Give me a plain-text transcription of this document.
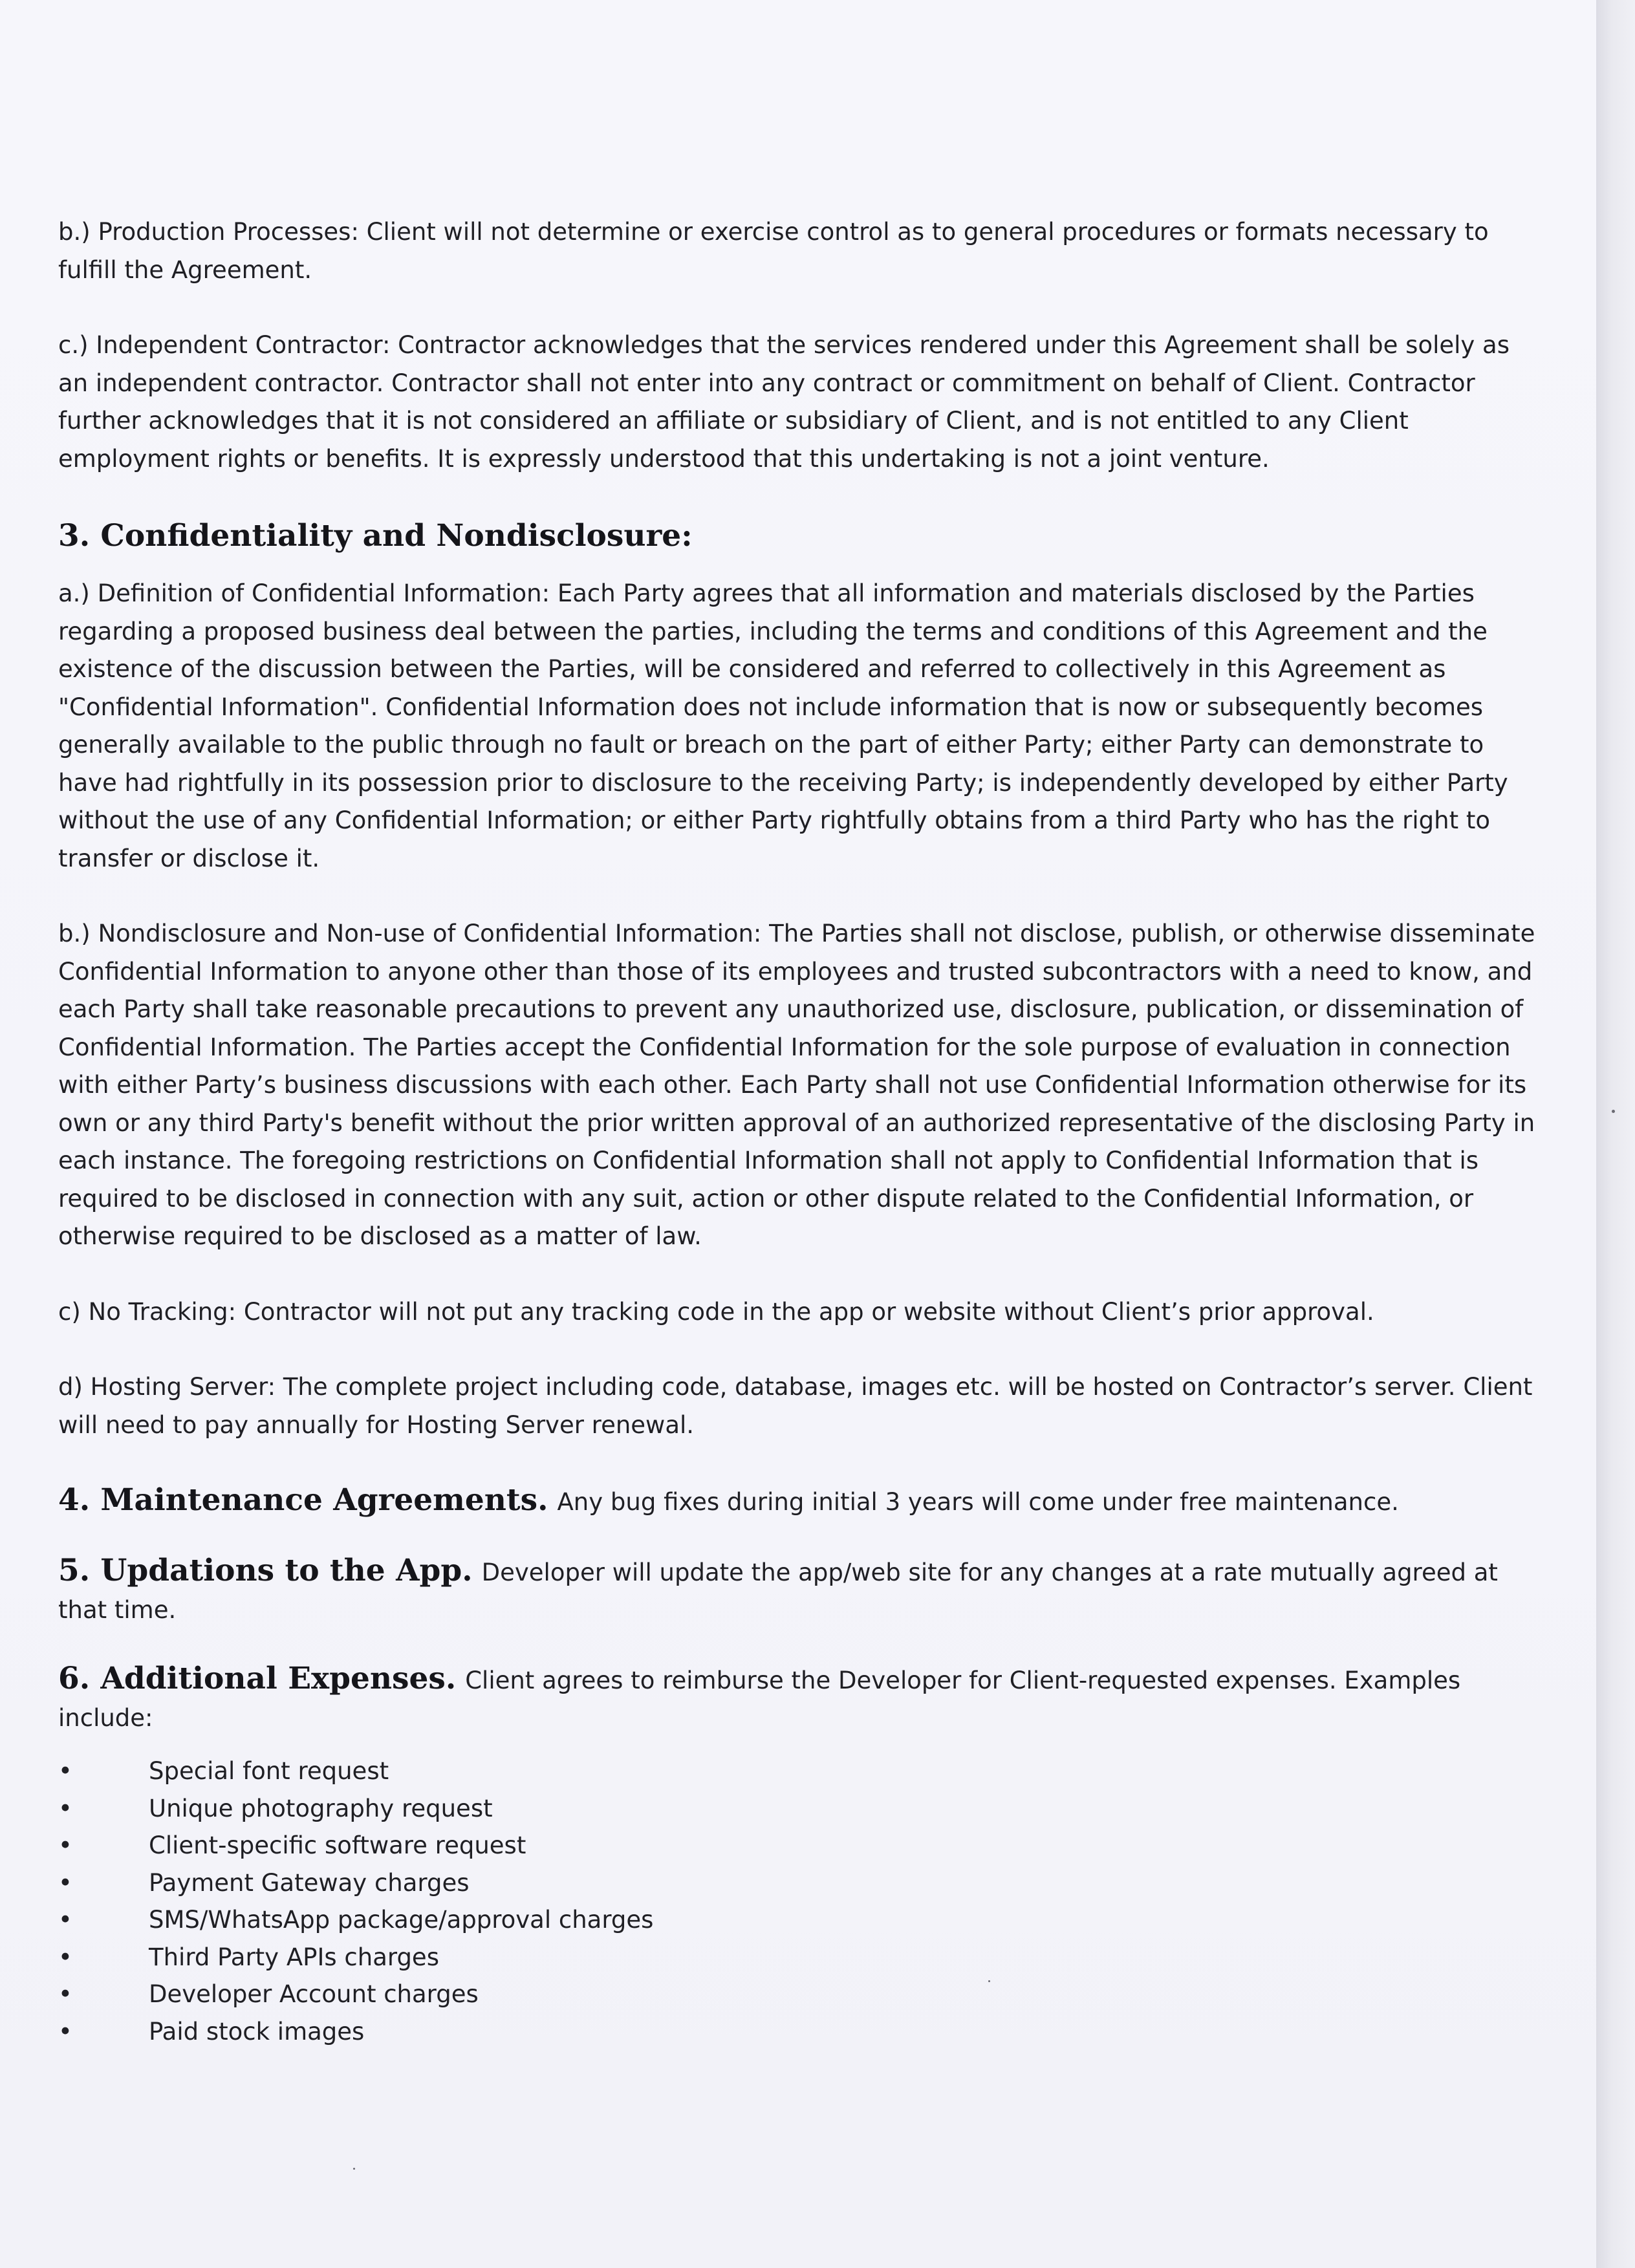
b.) Production Processes: Client will not determine or exercise control as to general procedures or formats necessary to fulfill the Agreement.

c.) Independent Contractor: Contractor acknowledges that the services rendered under this Agreement shall be solely as an independent contractor. Contractor shall not enter into any contract or commitment on behalf of Client. Contractor further acknowledges that it is not considered an affiliate or subsidiary of Client, and is not entitled to any Client employment rights or benefits. It is expressly understood that this undertaking is not a joint venture.

3. Confidentiality and Nondisclosure:

a.) Definition of Confidential Information: Each Party agrees that all information and materials disclosed by the Parties regarding a proposed business deal between the parties, including the terms and conditions of this Agreement and the existence of the discussion between the Parties, will be considered and referred to collectively in this Agreement as "Confidential Information". Confidential Information does not include information that is now or subsequently becomes generally available to the public through no fault or breach on the part of either Party; either Party can demonstrate to have had rightfully in its possession prior to disclosure to the receiving Party; is independently developed by either Party without the use of any Confidential Information; or either Party rightfully obtains from a third Party who has the right to transfer or disclose it.

b.) Nondisclosure and Non-use of Confidential Information: The Parties shall not disclose, publish, or otherwise disseminate Confidential Information to anyone other than those of its employees and trusted subcontractors with a need to know, and each Party shall take reasonable precautions to prevent any unauthorized use, disclosure, publication, or dissemination of Confidential Information. The Parties accept the Confidential Information for the sole purpose of evaluation in connection with either Party’s business discussions with each other. Each Party shall not use Confidential Information otherwise for its own or any third Party's benefit without the prior written approval of an authorized representative of the disclosing Party in each instance. The foregoing restrictions on Confidential Information shall not apply to Confidential Information that is required to be disclosed in connection with any suit, action or other dispute related to the Confidential Information, or otherwise required to be disclosed as a matter of law.

c) No Tracking: Contractor will not put any tracking code in the app or website without Client’s prior approval.

d) Hosting Server: The complete project including code, database, images etc. will be hosted on Contractor’s server. Client will need to pay annually for Hosting Server renewal.

4. Maintenance Agreements. Any bug fixes during initial 3 years will come under free maintenance.

5. Updations to the App. Developer will update the app/web site for any changes at a rate mutually agreed at that time.

6. Additional Expenses. Client agrees to reimburse the Developer for Client-requested expenses. Examples include:

•	Special font request
•	Unique photography request
•	Client-specific software request
•	Payment Gateway charges
•	SMS/WhatsApp package/approval charges
•	Third Party APIs charges
•	Developer Account charges
•	Paid stock images
